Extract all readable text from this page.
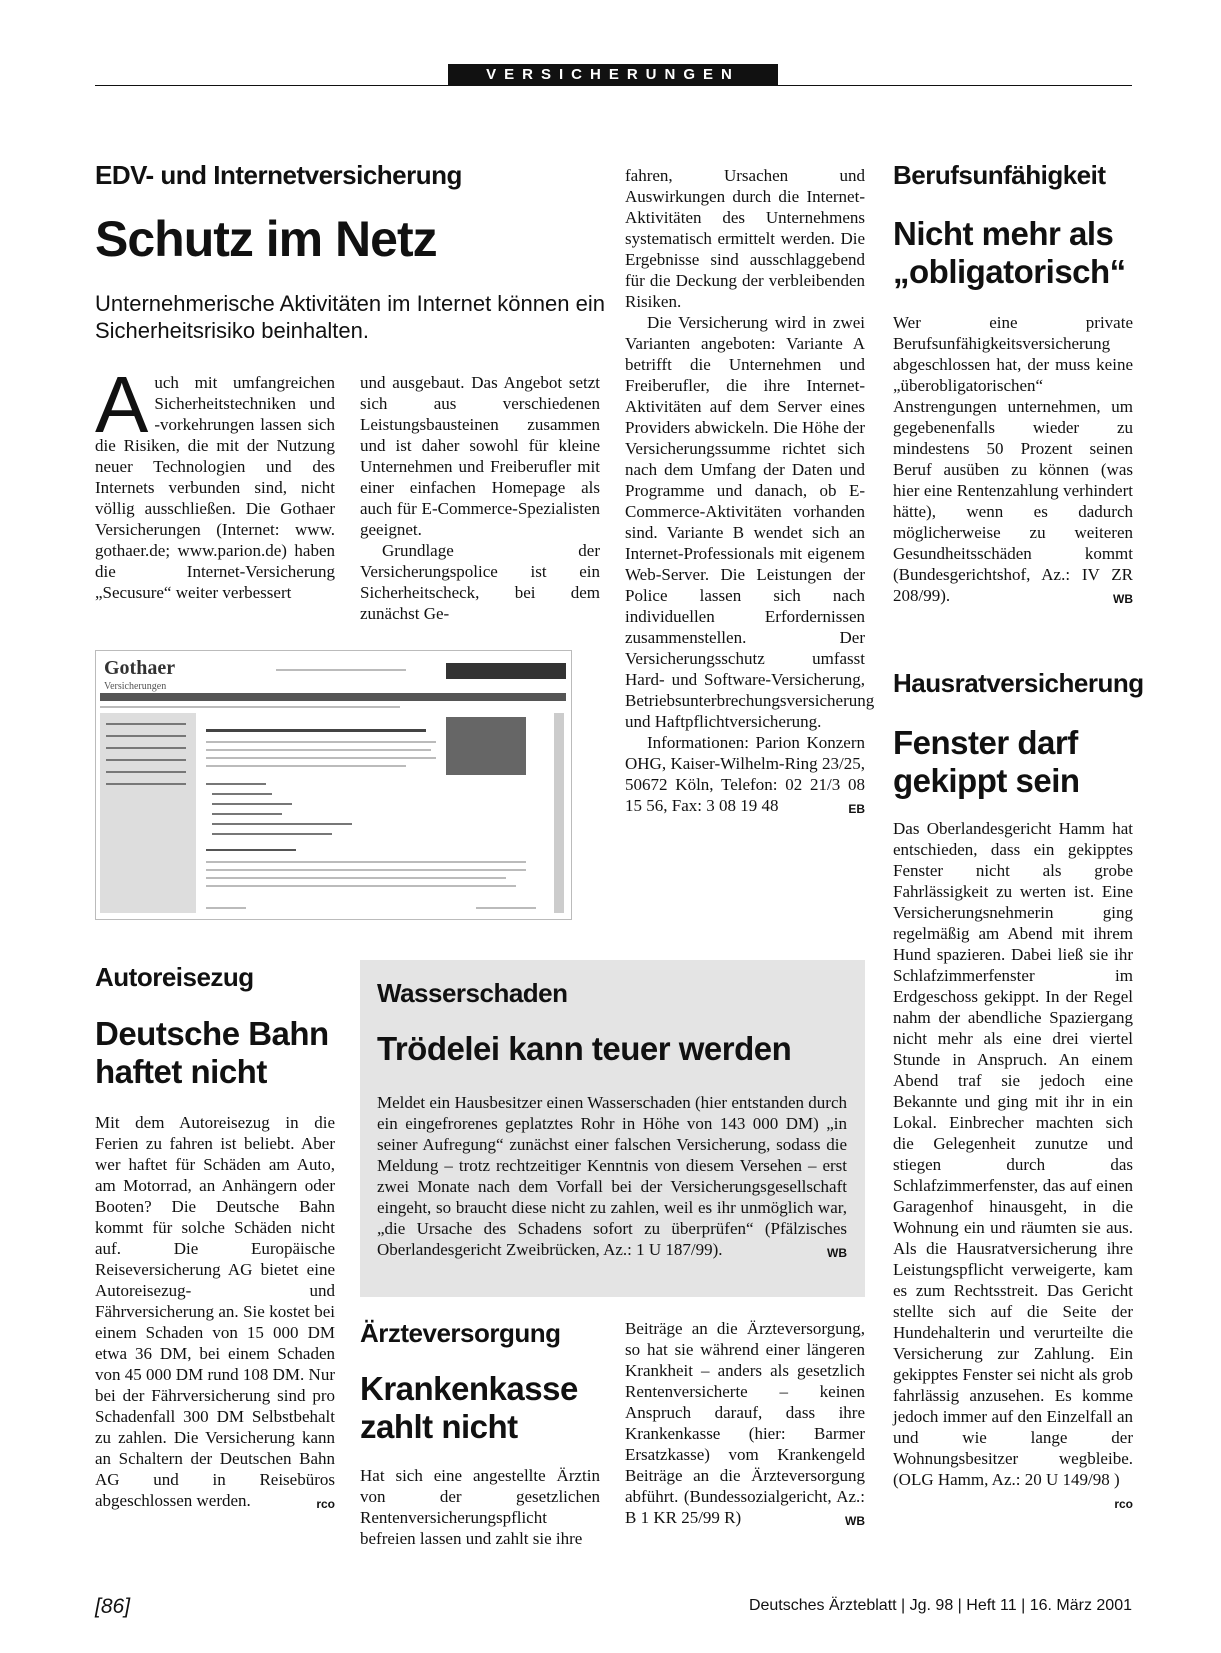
VERSICHERUNGEN
EDV- und Internetversicherung
Schutz im Netz
Unternehmerische Aktivitäten im Internet können ein Sicherheitsrisiko beinhalten.
Auch mit umfangreichen Sicherheitstechniken und -vorkehrungen lassen sich die Risiken, die mit der Nutzung neuer Technologien und des Internets verbunden sind, nicht völlig ausschließen. Die Gothaer Versicherungen (Internet: www. gothaer.de; www.parion.de) haben die Internet-Versicherung „Secusure“ weiter verbessert

und ausgebaut. Das Angebot setzt sich aus verschiedenen Leistungsbausteinen zusammen und ist daher sowohl für kleine Unternehmen und Freiberufler mit einer einfachen Homepage als auch für E-Commerce-Spezialisten geeignet.

Grundlage der Versicherungspolice ist ein Sicherheitscheck, bei dem zunächst Ge-

Gothaer
Versicherungen

fahren, Ursachen und Auswirkungen durch die Internet-Aktivitäten des Unternehmens systematisch ermittelt werden. Die Ergebnisse sind ausschlaggebend für die Deckung der verbleibenden Risiken.

Die Versicherung wird in zwei Varianten angeboten: Variante A betrifft die Unternehmen und Freiberufler, die ihre Internet-Aktivitäten auf dem Server eines Providers abwickeln. Die Höhe der Versicherungssumme richtet sich nach dem Umfang der Daten und Programme und danach, ob E-Commerce-Aktivitäten vorhanden sind. Variante B wendet sich an Internet-Professionals mit eigenem Web-Server. Die Leistungen der Police lassen sich nach individuellen Erfordernissen zusammenstellen. Der Versicherungsschutz umfasst Hard- und Software-Versicherung, Betriebsunterbrechungsversicherung und Haftpflichtversicherung.

Informationen: Parion Konzern OHG, Kaiser-Wilhelm-Ring 23/25, 50672 Köln, Telefon: 02 21/3 08 15 56, Fax: 3 08 19 48	EB

Berufsunfähigkeit
Nicht mehr als „obligatorisch“
Wer eine private Berufsunfähigkeitsversicherung abgeschlossen hat, der muss keine „überobligatorischen“ Anstrengungen unternehmen, um gegebenenfalls wieder zu mindestens 50 Prozent seinen Beruf ausüben zu können (was hier eine Rentenzahlung verhindert hätte), wenn es dadurch möglicherweise zu weiteren Gesundheitsschäden kommt (Bundesgerichtshof, Az.: IV ZR 208/99).	WB
Hausratversicherung
Fenster darf gekippt sein
Das Oberlandesgericht Hamm hat entschieden, dass ein gekipptes Fenster nicht als grobe Fahrlässigkeit zu werten ist. Eine Versicherungsnehmerin ging regelmäßig am Abend mit ihrem Hund spazieren. Dabei ließ sie ihr Schlafzimmerfenster im Erdgeschoss gekippt. In der Regel nahm der abendliche Spaziergang nicht mehr als eine drei viertel Stunde in Anspruch. An einem Abend traf sie jedoch eine Bekannte und ging mit ihr in ein Lokal. Einbrecher machten sich die Gelegenheit zunutze und stiegen durch das Schlafzimmerfenster, das auf einen Garagenhof hinausgeht, in die Wohnung ein und räumten sie aus. Als die Hausratversicherung ihre Leistungspflicht verweigerte, kam es zum Rechtsstreit. Das Gericht stellte sich auf die Seite der Hundehalterin und verurteilte die Versicherung zur Zahlung. Ein gekipptes Fenster sei nicht als grob fahrlässig anzusehen. Es komme jedoch immer auf den Einzelfall an und wie lange der Wohnungsbesitzer wegbleibe. (OLG Hamm, Az.: 20 U 149/98 )
rco
Autoreisezug
Deutsche Bahn haftet nicht
Mit dem Autoreisezug in die Ferien zu fahren ist beliebt. Aber wer haftet für Schäden am Auto, am Motorrad, an Anhängern oder Booten? Die Deutsche Bahn kommt für solche Schäden nicht auf. Die Europäische Reiseversicherung AG bietet eine Autoreisezug- und Fährversicherung an. Sie kostet bei einem Schaden von 15 000 DM etwa 36 DM, bei einem Schaden von 45 000 DM rund 108 DM. Nur bei der Fährversicherung sind pro Schadenfall 300 DM Selbstbehalt zu zahlen. Die Versicherung kann an Schaltern der Deutschen Bahn AG und in Reisebüros abgeschlossen werden.	rco
Wasserschaden
Trödelei kann teuer werden
Meldet ein Hausbesitzer einen Wasserschaden (hier entstanden durch ein eingefrorenes geplatztes Rohr in Höhe von 143 000 DM) „in seiner Aufregung“ zunächst einer falschen Versicherung, sodass die Meldung – trotz rechtzeitiger Kenntnis von diesem Versehen – erst zwei Monate nach dem Vorfall bei der Versicherungsgesellschaft eingeht, so braucht diese nicht zu zahlen, weil es ihr unmöglich war, „die Ursache des Schadens sofort zu überprüfen“ (Pfälzisches Oberlandesgericht Zweibrücken, Az.: 1 U 187/99).	WB
Ärzteversorgung
Krankenkasse zahlt nicht
Hat sich eine angestellte Ärztin von der gesetzlichen Rentenversicherungspflicht befreien lassen und zahlt sie ihre
Beiträge an die Ärzteversorgung, so hat sie während einer längeren Krankheit – anders als gesetzlich Rentenversicherte – keinen Anspruch darauf, dass ihre Krankenkasse (hier: Barmer Ersatzkasse) vom Krankengeld Beiträge an die Ärzteversorgung abführt. (Bundessozialgericht, Az.: B 1 KR 25/99 R)	WB
[86]	Deutsches Ärzteblatt | Jg. 98 | Heft 11 | 16. März 2001
